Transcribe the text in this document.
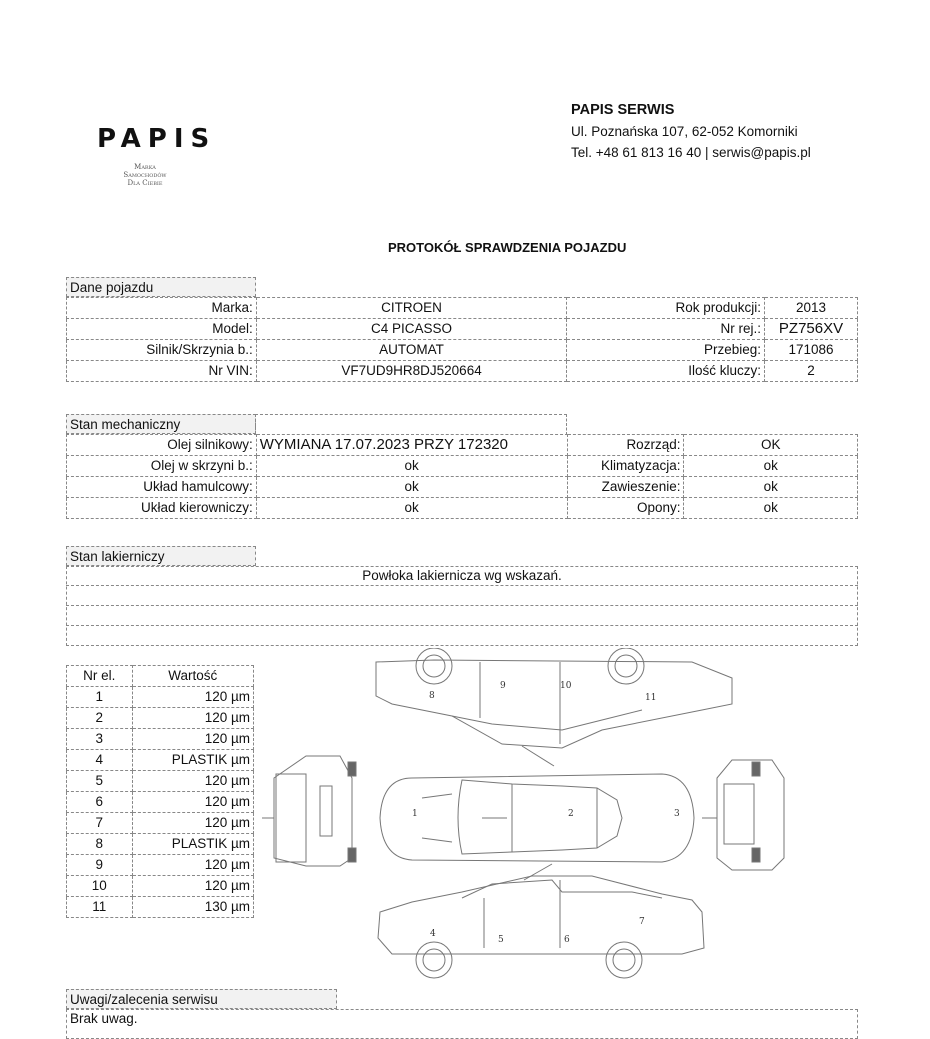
PAPIS
Marka
Samochodów
Dla Ciebie
PAPIS SERWIS
Ul. Poznańska 107, 62-052 Komorniki
Tel. +48 61 813 16 40 | serwis@papis.pl
PROTOKÓŁ SPRAWDZENIA POJAZDU
Dane pojazdu
Marka:	CITROEN	Rok produkcji:	2013
Model:	C4 PICASSO	Nr rej.:	PZ756XV
Silnik/Skrzynia b.:	AUTOMAT	Przebieg:	171086
Nr VIN:	VF7UD9HR8DJ520664	Ilość kluczy:	2
Stan mechaniczny
Olej silnikowy:	WYMIANA 17.07.2023 PRZY 172320	Rozrząd:	OK
Olej w skrzyni b.:	ok	Klimatyzacja:	ok
Układ hamulcowy:	ok	Zawieszenie:	ok
Układ kierowniczy:	ok	Opony:	ok
Stan lakierniczy
Powłoka lakiernicza wg wskazań.
Nr el.	Wartość
1	120 µm
2	120 µm
3	120 µm
4	PLASTIK µm
5	120 µm
6	120 µm
7	120 µm
8	PLASTIK µm
9	120 µm
10	120 µm
11	130 µm
1	2	3
4
5	6
7
8
9	10
11
Uwagi/zalecenia serwisu
Brak uwag.
